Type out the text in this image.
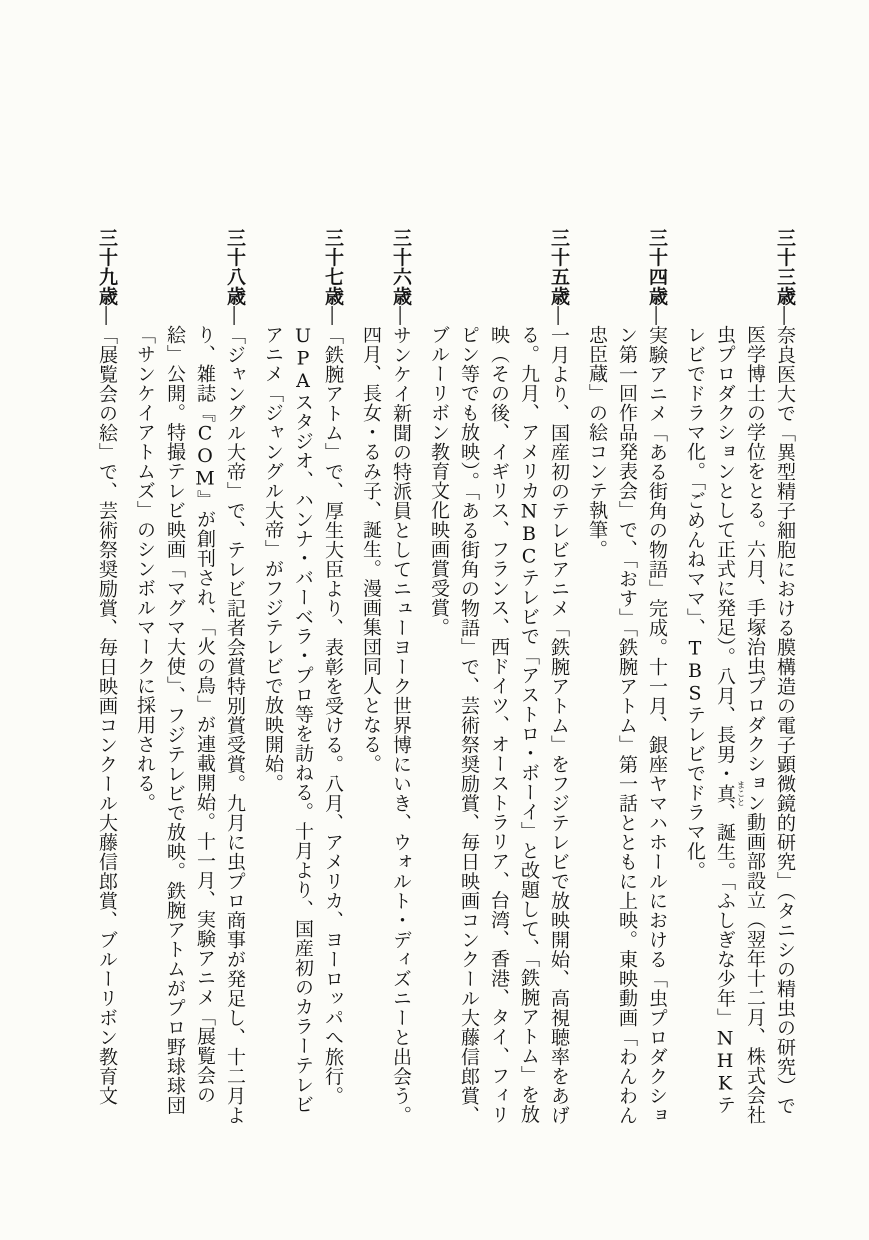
三十三歳―奈良医大で「異型精子細胞における膜構造の電子顕微鏡的研究」（タニシの精虫の研究）で医学博士の学位をとる。六月、手塚治虫プロダクション動画部設立（翌年十二月、株式会社虫プロダクションとして正式に発足）。八月、長男・真 まこと、誕生。「ふしぎな少年」NHKテレビでドラマ化。「ごめんねママ」、TBSテレビでドラマ化。
三十四歳―実験アニメ「ある街角の物語」完成。十一月、銀座ヤマハホールにおける「虫プロダクション第一回作品発表会」で、「おす」「鉄腕アトム」第一話とともに上映。東映動画「わんわん忠臣蔵」の絵コンテ執筆。
三十五歳―一月より、国産初のテレビアニメ「鉄腕アトム」をフジテレビで放映開始、高視聴率をあげる。九月、アメリカNBCテレビで「アストロ・ボーイ」と改題して、「鉄腕アトム」を放映（その後、イギリス、フランス、西ドイツ、オーストラリア、台湾、香港、タイ、フィリピン等でも放映）。「ある街角の物語」で、芸術祭奨励賞、毎日映画コンクール大藤信郎賞、ブルーリボン教育文化映画賞受賞。
三十六歳―サンケイ新聞の特派員としてニューヨーク世界博にいき、ウォルト・ディズニーと出会う。四月、長女・るみ子、誕生。漫画集団同人となる。
三十七歳―「鉄腕アトム」で、厚生大臣より、表彰を受ける。八月、アメリカ、ヨーロッパへ旅行。UPAスタジオ、ハンナ・バーベラ・プロ等を訪ねる。十月より、国産初のカラーテレビアニメ「ジャングル大帝」がフジテレビで放映開始。
三十八歳―「ジャングル大帝」で、テレビ記者会賞特別賞受賞。九月に虫プロ商事が発足し、十二月より、雑誌『COM』が創刊され、「火の鳥」が連載開始。十一月、実験アニメ「展覧会の絵」公開。特撮テレビ映画「マグマ大使」、フジテレビで放映。鉄腕アトムがプロ野球球団「サンケイアトムズ」のシンボルマークに採用される。
三十九歳―「展覧会の絵」で、芸術祭奨励賞、毎日映画コンクール大藤信郎賞、ブルーリボン教育文
